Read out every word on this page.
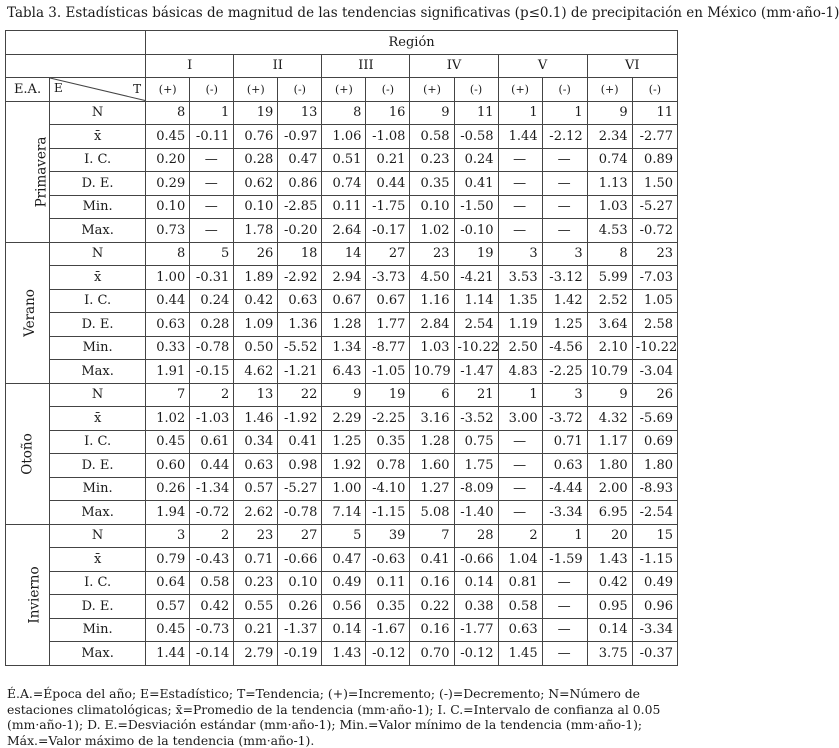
Tabla 3. Estadísticas básicas de magnitud de las tendencias significativas (p≤0.1) de precipitación en México (mm·año-1)
		Región											
		I		II		III		IV		V		VI	
E.A.	E T	(+)	(-)	(+)	(-)	(+)	(-)	(+)	(-)	(+)	(-)	(+)	(-)
Primavera	N	8	1	19	13	8	16	9	11	1	1	9	11
	x̄	0.45	-0.11	0.76	-0.97	1.06	-1.08	0.58	-0.58	1.44	-2.12	2.34	-2.77
	I. C.	0.20	—	0.28	0.47	0.51	0.21	0.23	0.24	—	—	0.74	0.89
	D. E.	0.29	—	0.62	0.86	0.74	0.44	0.35	0.41	—	—	1.13	1.50
	Min.	0.10	—	0.10	-2.85	0.11	-1.75	0.10	-1.50	—	—	1.03	-5.27
	Max.	0.73	—	1.78	-0.20	2.64	-0.17	1.02	-0.10	—	—	4.53	-0.72
Verano	N	8	5	26	18	14	27	23	19	3	3	8	23
	x̄	1.00	-0.31	1.89	-2.92	2.94	-3.73	4.50	-4.21	3.53	-3.12	5.99	-7.03
	I. C.	0.44	0.24	0.42	0.63	0.67	0.67	1.16	1.14	1.35	1.42	2.52	1.05
	D. E.	0.63	0.28	1.09	1.36	1.28	1.77	2.84	2.54	1.19	1.25	3.64	2.58
	Min.	0.33	-0.78	0.50	-5.52	1.34	-8.77	1.03	-10.22	2.50	-4.56	2.10	-10.22
	Max.	1.91	-0.15	4.62	-1.21	6.43	-1.05	10.79	-1.47	4.83	-2.25	10.79	-3.04
Otoño	N	7	2	13	22	9	19	6	21	1	3	9	26
	x̄	1.02	-1.03	1.46	-1.92	2.29	-2.25	3.16	-3.52	3.00	-3.72	4.32	-5.69
	I. C.	0.45	0.61	0.34	0.41	1.25	0.35	1.28	0.75	—	0.71	1.17	0.69
	D. E.	0.60	0.44	0.63	0.98	1.92	0.78	1.60	1.75	—	0.63	1.80	1.80
	Min.	0.26	-1.34	0.57	-5.27	1.00	-4.10	1.27	-8.09	—	-4.44	2.00	-8.93
	Max.	1.94	-0.72	2.62	-0.78	7.14	-1.15	5.08	-1.40	—	-3.34	6.95	-2.54
Invierno	N	3	2	23	27	5	39	7	28	2	1	20	15
	x̄	0.79	-0.43	0.71	-0.66	0.47	-0.63	0.41	-0.66	1.04	-1.59	1.43	-1.15
	I. C.	0.64	0.58	0.23	0.10	0.49	0.11	0.16	0.14	0.81	—	0.42	0.49
	D. E.	0.57	0.42	0.55	0.26	0.56	0.35	0.22	0.38	0.58	—	0.95	0.96
	Min.	0.45	-0.73	0.21	-1.37	0.14	-1.67	0.16	-1.77	0.63	—	0.14	-3.34
	Max.	1.44	-0.14	2.79	-0.19	1.43	-0.12	0.70	-0.12	1.45	—	3.75	-0.37
É.A.=Época del año; E=Estadístico; T=Tendencia; (+)=Incremento; (-)=Decremento; N=Número de estaciones climatológicas; x̄=Promedio de la tendencia (mm·año-1); I. C.=Intervalo de confianza al 0.05 (mm·año-1); D. E.=Desviación estándar (mm·año-1); Min.=Valor mínimo de la tendencia (mm·año-1); Máx.=Valor máximo de la tendencia (mm·año-1).
